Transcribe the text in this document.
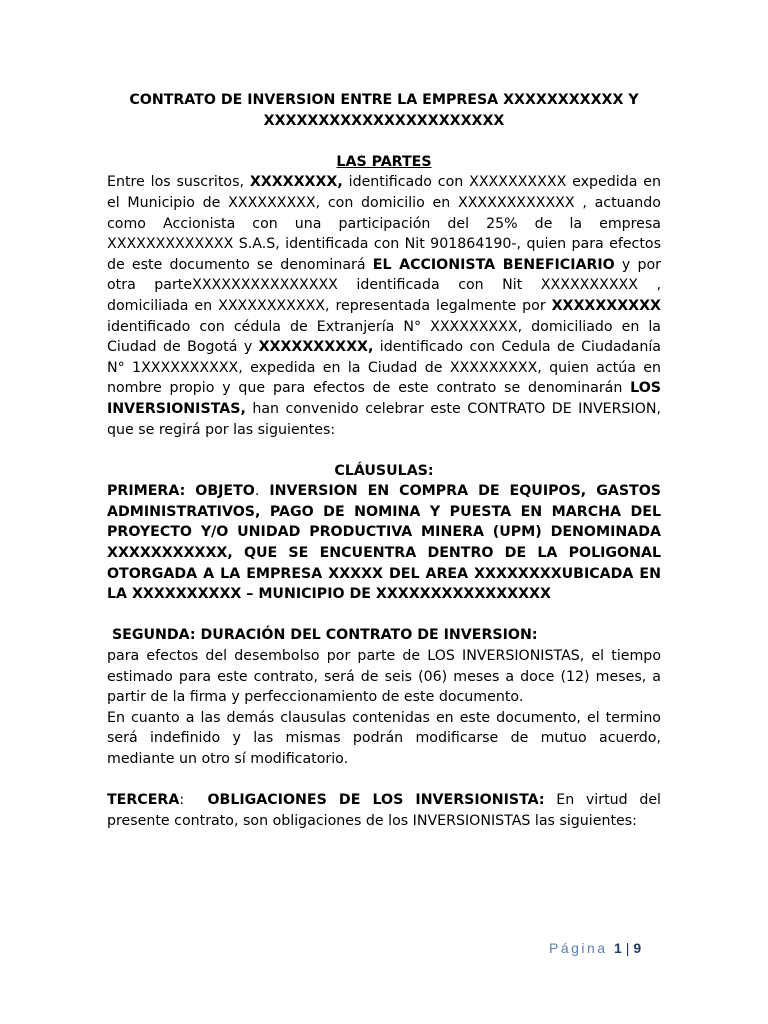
CONTRATO DE INVERSION ENTRE LA EMPRESA XXXXXXXXXXX Y

XXXXXXXXXXXXXXXXXXXXXX

LAS PARTES

Entre los suscritos, XXXXXXXX, identificado con XXXXXXXXXX expedida en el Municipio de XXXXXXXXX, con domicilio en XXXXXXXXXXXX , actuando como Accionista con una participación del 25% de la empresa XXXXXXXXXXXXX S.A.S, identificada con Nit 901864190-, quien para efectos de este documento se denominará EL ACCIONISTA BENEFICIARIO y por otra parteXXXXXXXXXXXXXXX identificada con Nit XXXXXXXXXX , domiciliada en XXXXXXXXXXX, representada legalmente por XXXXXXXXXX identificado con cédula de Extranjería N° XXXXXXXXX, domiciliado en la Ciudad de Bogotá y XXXXXXXXXX, identificado con Cedula de Ciudadanía N° 1XXXXXXXXXX, expedida en la Ciudad de XXXXXXXXX, quien actúa en nombre propio y que para efectos de este contrato se denominarán LOS INVERSIONISTAS, han convenido celebrar este CONTRATO DE INVERSION, que se regirá por las siguientes:

CLÁUSULAS:

PRIMERA: OBJETO. INVERSION EN COMPRA DE EQUIPOS, GASTOS ADMINISTRATIVOS, PAGO DE NOMINA Y PUESTA EN MARCHA DEL PROYECTO Y/O UNIDAD PRODUCTIVA MINERA (UPM) DENOMINADA XXXXXXXXXXX, QUE SE ENCUENTRA DENTRO DE LA POLIGONAL OTORGADA A LA EMPRESA XXXXX DEL AREA XXXXXXXXUBICADA EN LA XXXXXXXXXX – MUNICIPIO DE XXXXXXXXXXXXXXXX

SEGUNDA: DURACIÓN DEL CONTRATO DE INVERSION:

para efectos del desembolso por parte de LOS INVERSIONISTAS, el tiempo estimado para este contrato, será de seis (06) meses a doce (12) meses, a partir de la firma y perfeccionamiento de este documento.

En cuanto a las demás clausulas contenidas en este documento, el termino será indefinido y las mismas podrán modificarse de mutuo acuerdo, mediante un otro sí modificatorio.

TERCERA:  OBLIGACIONES DE LOS INVERSIONISTA: En virtud del presente contrato, son obligaciones de los INVERSIONISTAS las siguientes:

Página 1 | 9
